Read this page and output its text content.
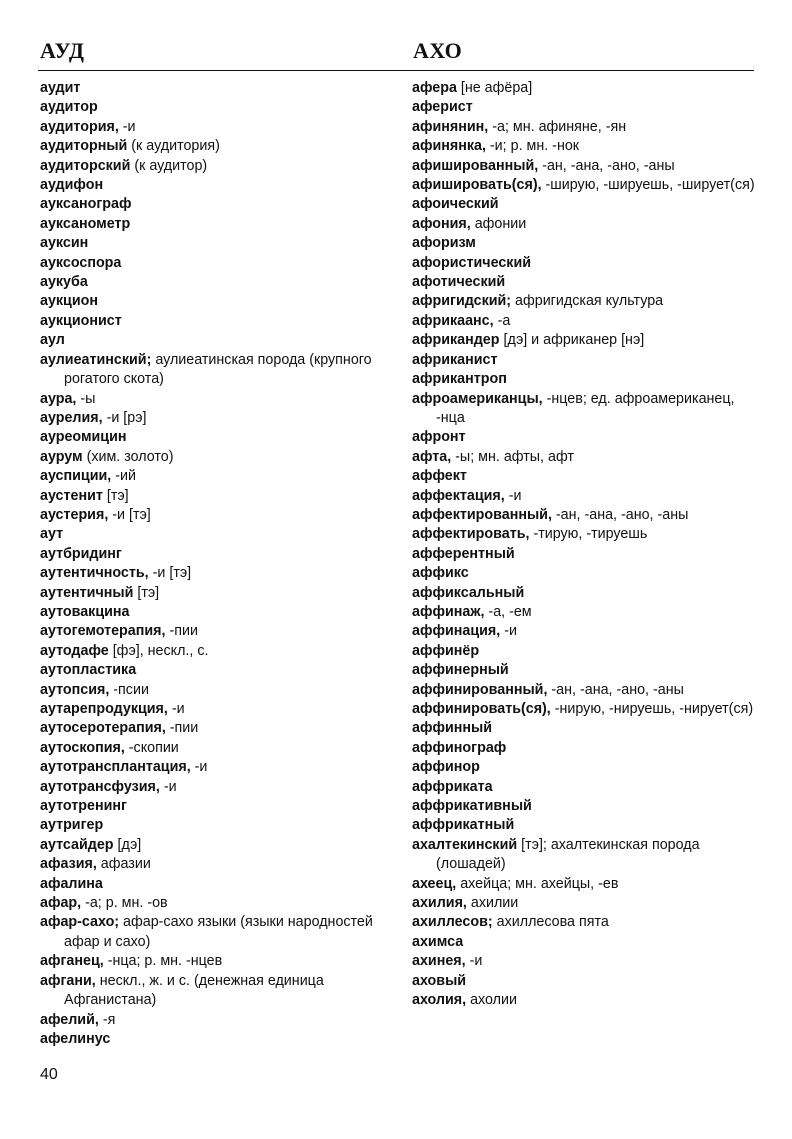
АУД	АХО
аудит
аудитор
аудитория, -и
аудиторный (к аудитория)
аудиторский (к аудитор)
аудифон
ауксанограф
ауксанометр
ауксин
ауксоспора
аукуба
аукцион
аукционист
аул
аулиеатинский; аулиеатинская порода (крупного рогатого скота)
аура, -ы
аурелия, -и [рэ]
ауреомицин
аурум (хим. золото)
ауспиции, -ий
аустенит [тэ]
аустерия, -и [тэ]
аут
аутбридинг
аутентичность, -и [тэ]
аутентичный [тэ]
аутовакцина
аутогемотерапия, -пии
аутодафе [фэ], нескл., с.
аутопластика
аутопсия, -псии
аутарепродукция, -и
аутосеротерапия, -пии
аутоскопия, -скопии
аутотрансплантация, -и
аутотрансфузия, -и
аутотренинг
аутригер
аутсайдер [дэ]
афазия, афазии
афалина
афар, -а; р. мн. -ов
афар-сахо; афар-сахо языки (языки народностей афар и сахо)
афганец, -нца; р. мн. -нцев
афгани, нескл., ж. и с. (денежная единица Афганистана)
афелий, -я
афелинус
афера [не афёра]
аферист
афинянин, -а; мн. афиняне, -ян
афинянка, -и; р. мн. -нок
афишированный, -ан, -ана, -ано, -аны
афишировать(ся), -ширую, -шируешь, -ширует(ся)
афоический
афония, афонии
афоризм
афористический
афотический
афригидский; афригидская культура
африкаанс, -а
африкандер [дэ] и африканер [нэ]
африканист
африкантроп
афроамериканцы, -нцев; ед. афроамериканец, -нца
афронт
афта, -ы; мн. афты, афт
аффект
аффектация, -и
аффектированный, -ан, -ана, -ано, -аны
аффектировать, -тирую, -тируешь
афферентный
аффикс
аффиксальный
аффинаж, -а, -ем
аффинация, -и
аффинёр
аффинерный
аффинированный, -ан, -ана, -ано, -аны
аффинировать(ся), -нирую, -нируешь, -нирует(ся)
аффинный
аффинограф
аффинор
аффриката
аффрикативный
аффрикатный
ахалтекинский [тэ]; ахалтекинская порода (лошадей)
ахеец, ахейца; мн. ахейцы, -ев
ахилия, ахилии
ахиллесов; ахиллесова пята
ахимса
ахинея, -и
аховый
ахолия, ахолии
40
